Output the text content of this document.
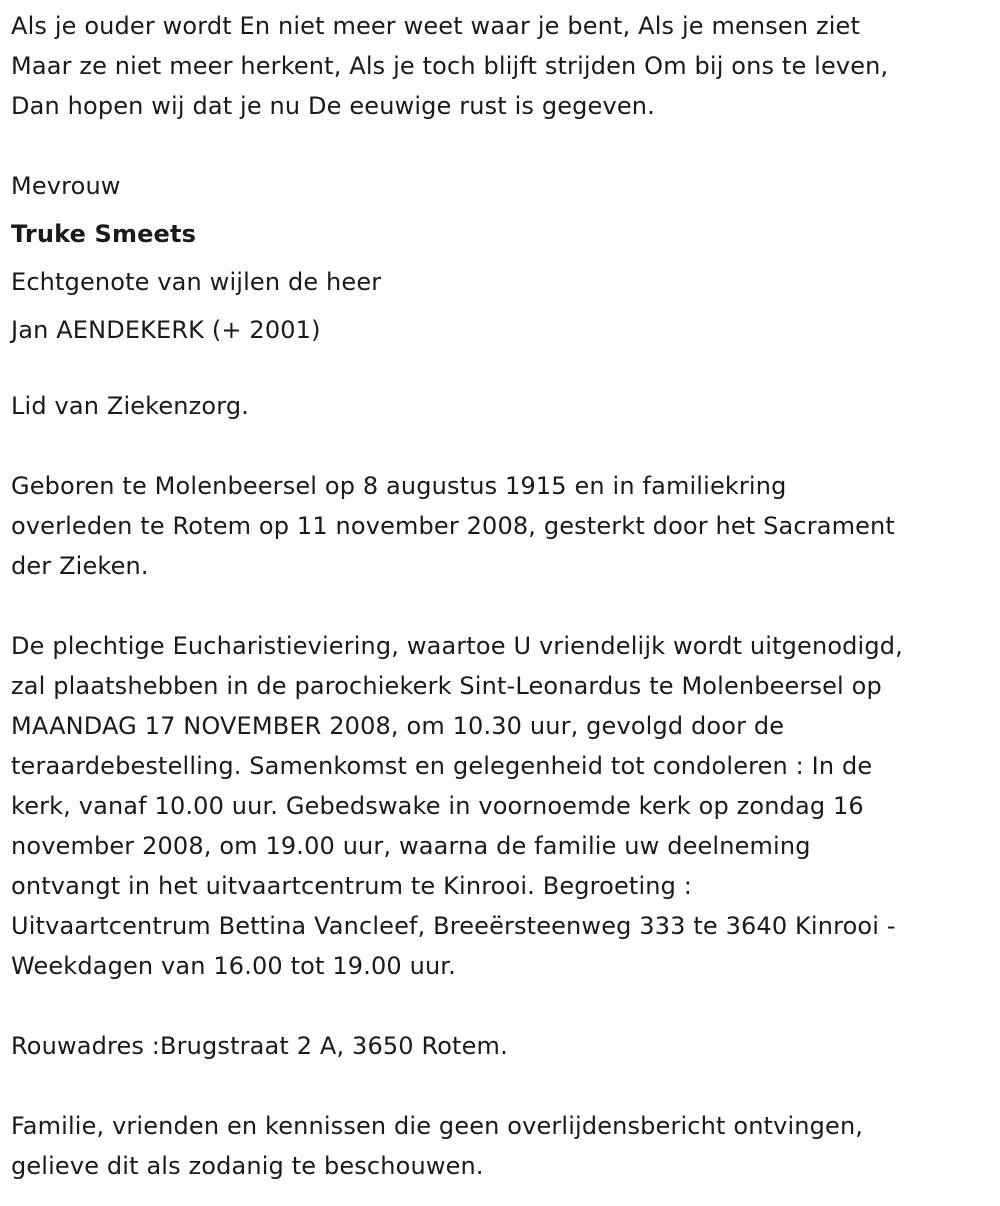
Als je ouder wordt En niet meer weet waar je bent, Als je mensen ziet
Maar ze niet meer herkent, Als je toch blijft strijden Om bij ons te leven,
Dan hopen wij dat je nu De eeuwige rust is gegeven.
Mevrouw
Truke Smeets
Echtgenote van wijlen de heer
Jan AENDEKERK (+ 2001)
Lid van Ziekenzorg.
Geboren te Molenbeersel op 8 augustus 1915 en in familiekring
overleden te Rotem op 11 november 2008, gesterkt door het Sacrament
der Zieken.
De plechtige Eucharistieviering, waartoe U vriendelijk wordt uitgenodigd,
zal plaatshebben in de parochiekerk Sint-Leonardus te Molenbeersel op
MAANDAG 17 NOVEMBER 2008, om 10.30 uur, gevolgd door de
teraardebestelling. Samenkomst en gelegenheid tot condoleren : In de
kerk, vanaf 10.00 uur. Gebedswake in voornoemde kerk op zondag 16
november 2008, om 19.00 uur, waarna de familie uw deelneming
ontvangt in het uitvaartcentrum te Kinrooi. Begroeting :
Uitvaartcentrum Bettina Vancleef, Breeërsteenweg 333 te 3640 Kinrooi -
Weekdagen van 16.00 tot 19.00 uur.
Rouwadres :Brugstraat 2 A, 3650 Rotem.
Familie, vrienden en kennissen die geen overlijdensbericht ontvingen,
gelieve dit als zodanig te beschouwen.
